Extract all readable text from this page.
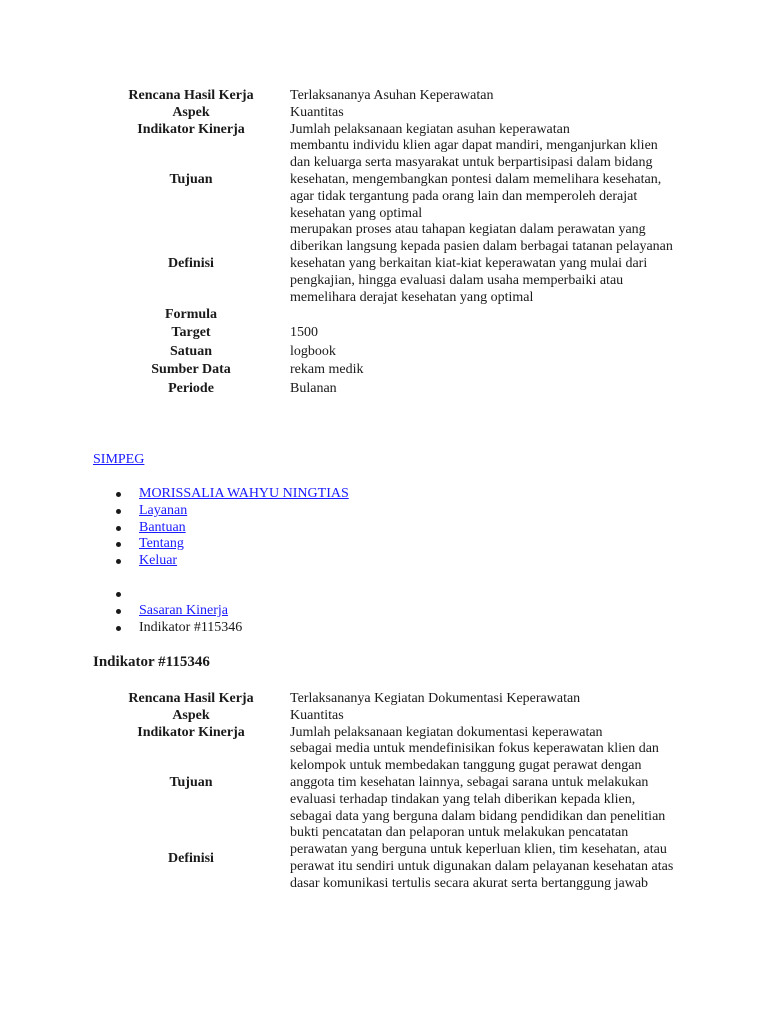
Rencana Hasil Kerja	Terlaksananya Asuhan Keperawatan
Aspek	Kuantitas
Indikator Kinerja	Jumlah pelaksanaan kegiatan asuhan keperawatan
Tujuan	membantu individu klien agar dapat mandiri, menganjurkan klien dan keluarga serta masyarakat untuk berpartisipasi dalam bidang kesehatan, mengembangkan pontesi dalam memelihara kesehatan, agar tidak tergantung pada orang lain dan memperoleh derajat kesehatan yang optimal
Definisi	merupakan proses atau tahapan kegiatan dalam perawatan yang diberikan langsung kepada pasien dalam berbagai tatanan pelayanan kesehatan yang berkaitan kiat-kiat keperawatan yang mulai dari pengkajian, hingga evaluasi dalam usaha memperbaiki atau memelihara derajat kesehatan yang optimal
Formula	
Target	1500
Satuan	logbook
Sumber Data	rekam medik
Periode	Bulanan
SIMPEG
MORISSALIA WAHYU NINGTIAS
Layanan
Bantuan
Tentang
Keluar
Sasaran Kinerja
Indikator #115346
Indikator #115346
Rencana Hasil Kerja	Terlaksananya Kegiatan Dokumentasi Keperawatan
Aspek	Kuantitas
Indikator Kinerja	Jumlah pelaksanaan kegiatan dokumentasi keperawatan
Tujuan	sebagai media untuk mendefinisikan fokus keperawatan klien dan kelompok untuk membedakan tanggung gugat perawat dengan anggota tim kesehatan lainnya, sebagai sarana untuk melakukan evaluasi terhadap tindakan yang telah diberikan kepada klien, sebagai data yang berguna dalam bidang pendidikan dan penelitian
Definisi	bukti pencatatan dan pelaporan untuk melakukan pencatatan perawatan yang berguna untuk keperluan klien, tim kesehatan, atau perawat itu sendiri untuk digunakan dalam pelayanan kesehatan atas dasar komunikasi tertulis secara akurat serta bertanggung jawab
